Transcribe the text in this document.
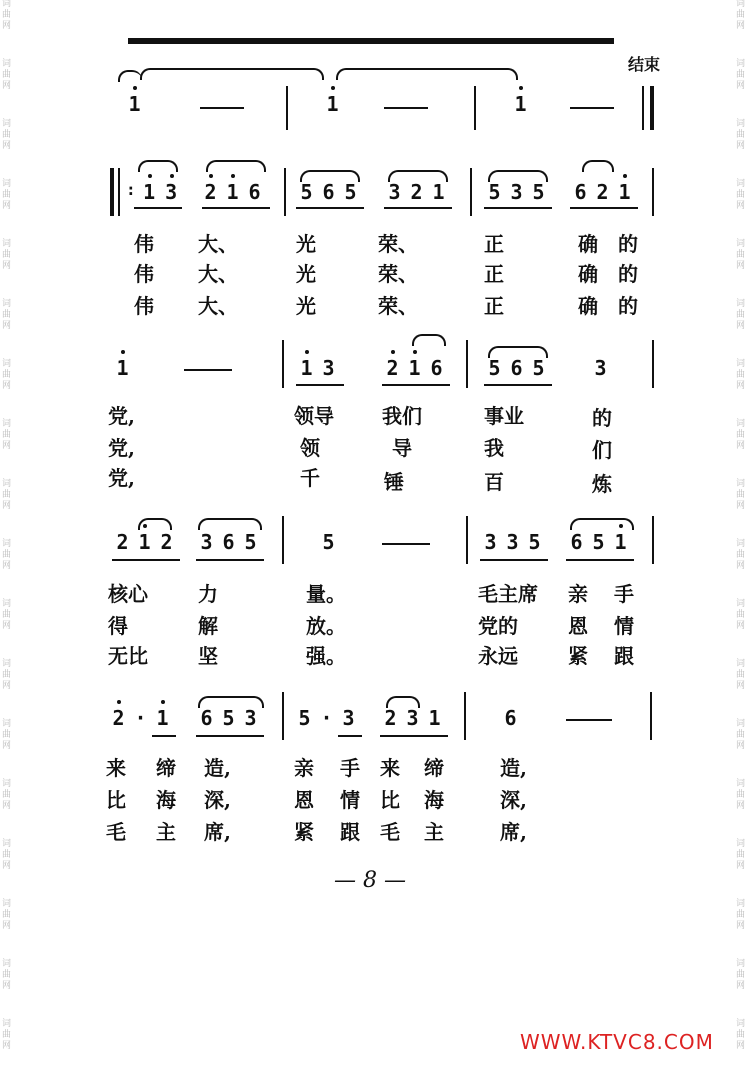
词
曲
网
词
曲
网
词
曲
网
词
曲
网
词
曲
网
词
曲
网
词
曲
网
词
曲
网
词
曲
网
词
曲
网
词
曲
网
词
曲
网
词
曲
网
词
曲
网
词
曲
网
词
曲
网
词
曲
网
词
曲
网
词
曲
网
词
曲
网
词
曲
网
词
曲
网
词
曲
网
词
曲
网
词
曲
网
词
曲
网
词
曲
网
词
曲
网
词
曲
网
词
曲
网
词
曲
网
词
曲
网
词
曲
网
词
曲
网
词
曲
网
词
曲
网
结束
1	1	1
: 1 3 2 1 6 5 6 5 3 2 1 5 3 5 6 2 1
伟 大、	光	荣、	正	确 的
伟 大、	光	荣、	正	确 的
伟 大、	光	荣、	正	确 的
1	1 3	2 1 6 5 6 5 3
党,	领导 我们	事业	的
党,	领	导	我	们
党,	千	锤	百	炼
2 1 2 3 6 5	5	3 3 5 6 5 1
核心	力	量。	毛主席 亲 手
得	解	放。	党的	恩 情
无比	坚	强。	永远	紧 跟
2 · 1 6 5 3 5 · 3 2 3 1	6
来 缔 造,	亲 手 来 缔	造,
比 海 深,	恩 情 比 海	深,
毛 主 席,	紧 跟 毛 主	席,
— 8 —
WWW.KTVC8.COM
